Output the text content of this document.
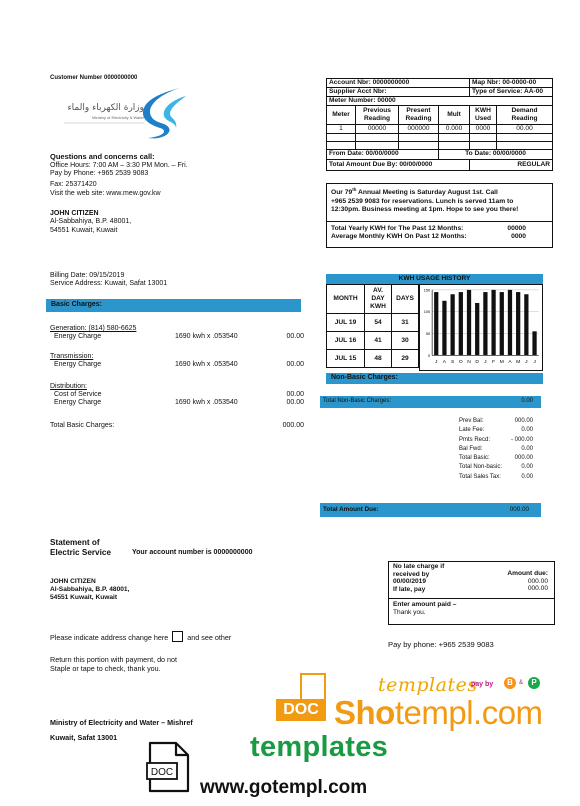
Customer Number 0000000000
وزارة الكهرباء والماء
Ministry of Electricity & Water
Questions and concerns call:
Office Hours: 7:00 AM – 3:30 PM Mon. – Fri.
Pay by Phone: +965 2539 9083
Fax: 25371420
Visit the web site: www.mew.gov.kw
JOHN CITIZEN
Al-Sabbahiya, B.P. 48001,
54551 Kuwait, Kuwait
Billing Date: 09/15/2019
Service Address: Kuwait, Safat 13001
Basic Charges:
Generation: (814) 580-6625
Energy Charge	1690 kwh x .053540	00.00
Transmission:
Energy Charge	1690 kwh x .053540	00.00
Distribution:
Cost of Service	00.00
Energy Charge	1690 kwh x .053540	00.00
Total Basic Charges:	000.00
Account Nbr: 0000000000				Map Nbr: 00-0000-00	
Supplier Acct Nbr:				Type of Service: AA-00	
Meter Number: 00000					
Meter	Previous Reading	Present Reading	Mult	KWH Used	Demand Reading
1	00000	000000	0.000	0000	00.00

From Date: 00/00/0000			To Date: 00/00/0000		
Total Amount Due By: 00/00/0000				REGULAR	
Our 79th Annual Meeting is Saturday August 1st. Call
+965 2539 9083 for reservations. Lunch is served 11am to
12:30pm. Business meeting at 1pm. Hope to see you there!
Total Yearly KWH for The Past 12 Months:	00000
Average Monthly KWH On Past 12 Months:	0000
KWH USAGE HISTORY
MONTH	AV. DAY KWH	DAYS
JUL 19	54	31
JUL 16	41	30
JUL 15	48	29
150
100
50
0
J A S O N D J F M A M J J
Non-Basic Charges:
Total Non-Basic Charges:	0.00
Prev Bal:	000.00
Late Fee:	0.00
Pmts Recd:	- 000.00
Bal Fwd:	0.00
Total Basic:	000.00
Total Non-basic:	0.00
Total Sales Tax:	0.00
Total Amount Due:	000.00
Statement of
Electric Service	Your account number is 0000000000
JOHN CITIZEN
Al-Sabbahiya, B.P. 48001,
54551 Kuwait, Kuwait
Please indicate address change here	and see other
Return this portion with payment, do not
Staple or tape to check, thank you.
Ministry of Electricity and Water – Mishref
Kuwait, Safat 13001
No late charge if
received by
00/00/2019
If late, pay
Amount due:
000.00
000.00
Enter amount paid –
Thank you.
Pay by phone: +965 2539 9083
templates
pay by	B	&	P
DOC Shotempl.com
templates
DOC
www.gotempl.com
